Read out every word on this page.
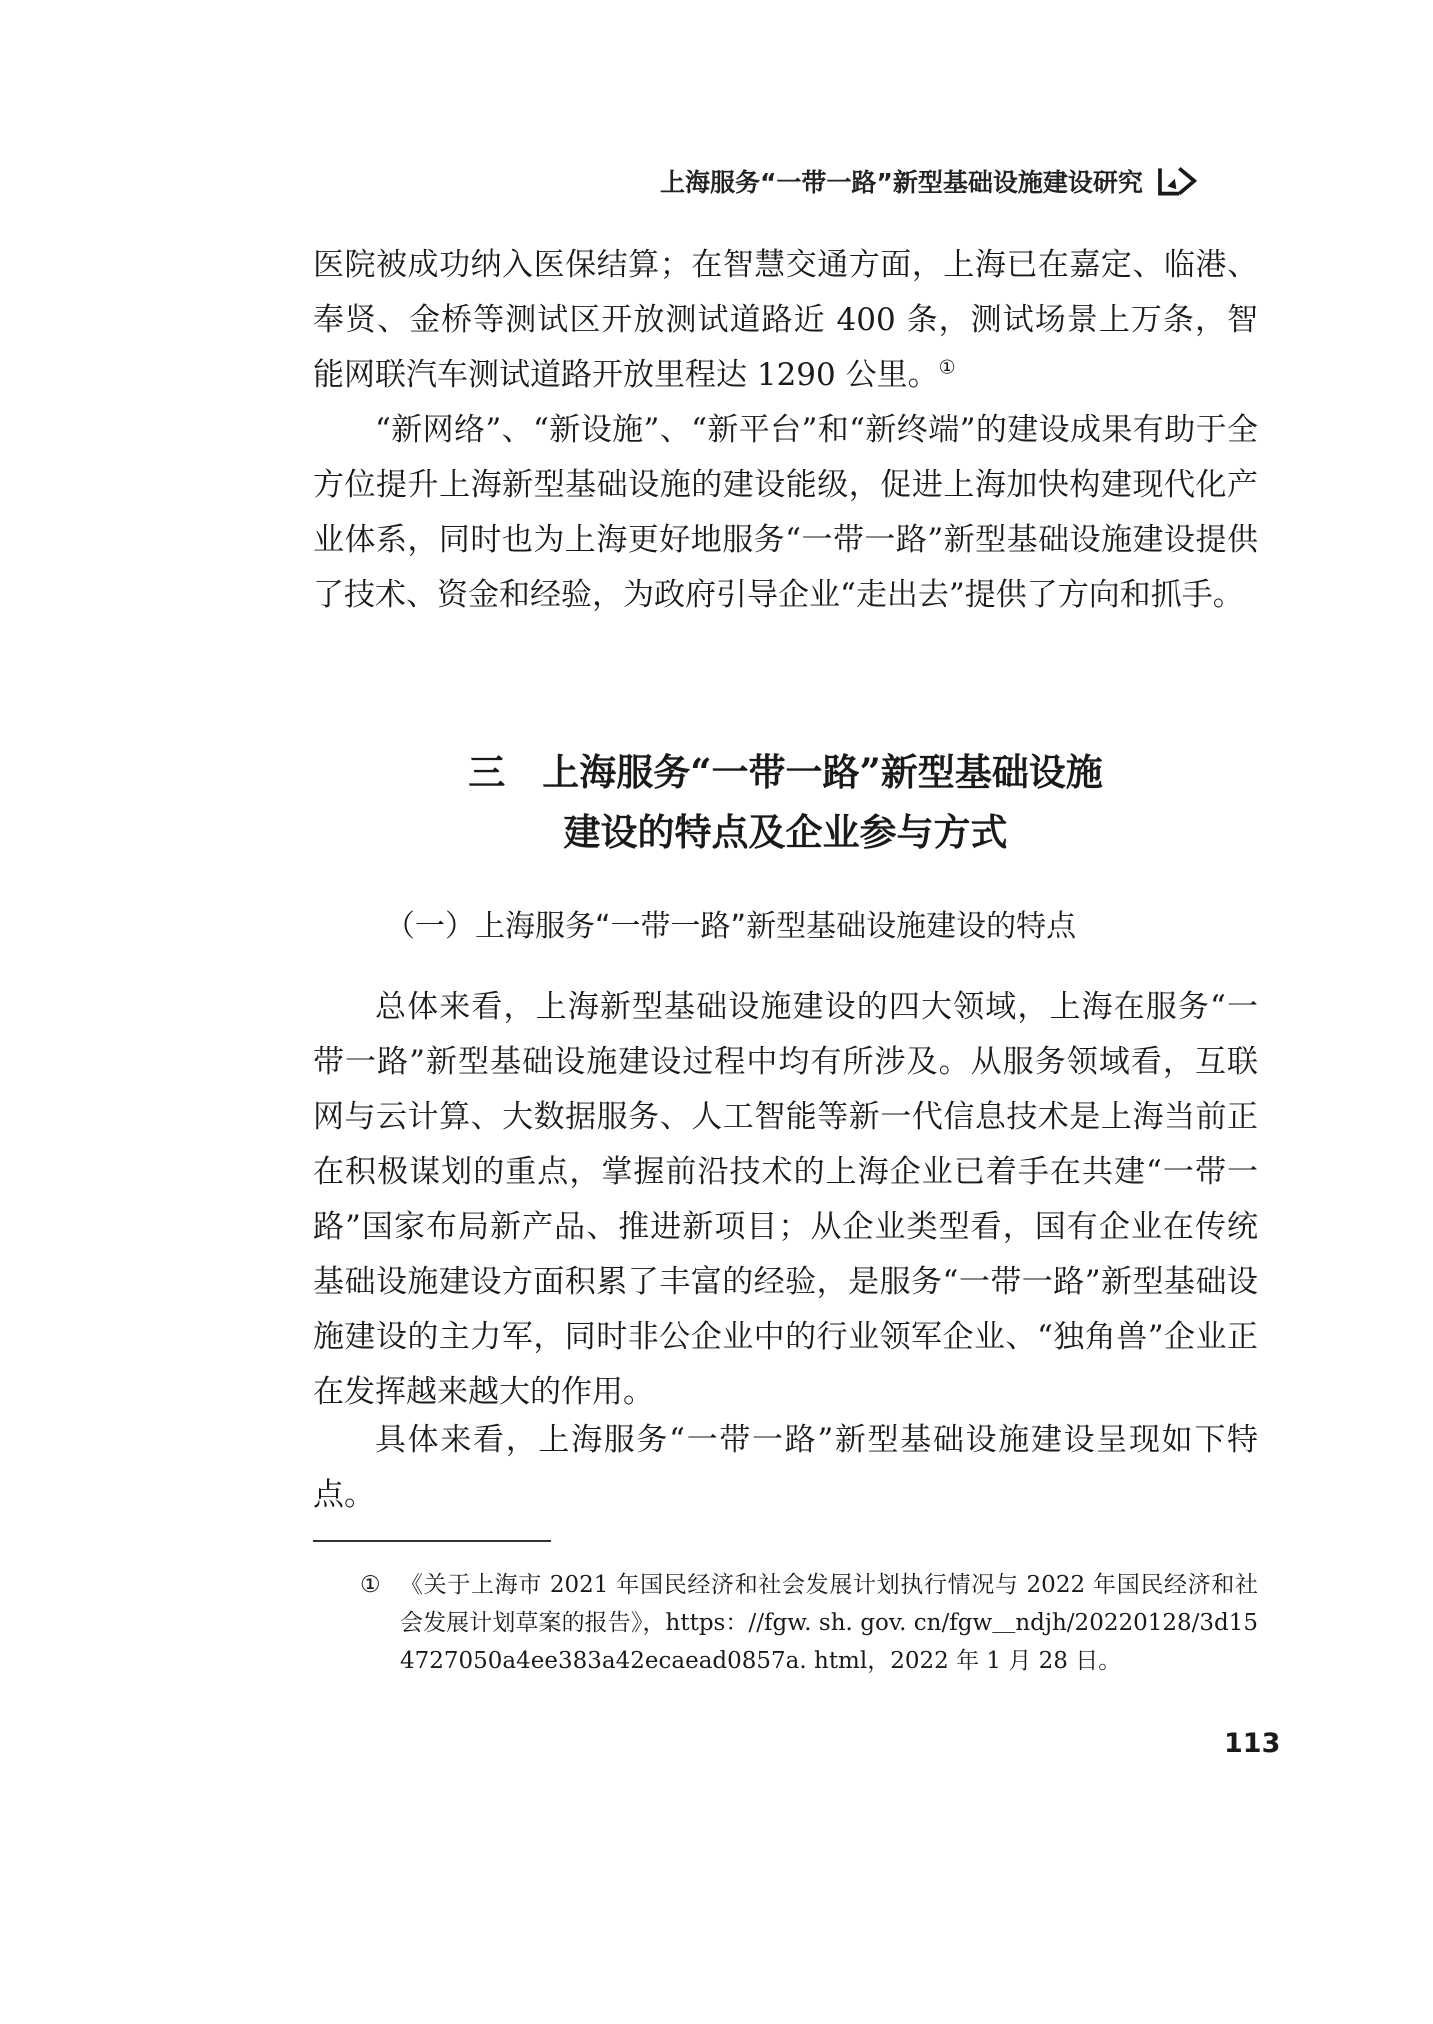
上海服务“一带一路”新型基础设施建设研究

医院被成功纳入医保结算；在智慧交通方面，上海已在嘉定、临港、奉贤、金桥等测试区开放测试道路近 400 条，测试场景上万条，智能网联汽车测试道路开放里程达 1290 公里。①

“新网络”、“新设施”、“新平台”和“新终端”的建设成果有助于全方位提升上海新型基础设施的建设能级，促进上海加快构建现代化产业体系，同时也为上海更好地服务“一带一路”新型基础设施建设提供了技术、资金和经验，为政府引导企业“走出去”提供了方向和抓手。

三　上海服务“一带一路”新型基础设施
建设的特点及企业参与方式
（一）上海服务“一带一路”新型基础设施建设的特点

总体来看，上海新型基础设施建设的四大领域，上海在服务“一带一路”新型基础设施建设过程中均有所涉及。从服务领域看，互联网与云计算、大数据服务、人工智能等新一代信息技术是上海当前正在积极谋划的重点，掌握前沿技术的上海企业已着手在共建“一带一路”国家布局新产品、推进新项目；从企业类型看，国有企业在传统基础设施建设方面积累了丰富的经验，是服务“一带一路”新型基础设施建设的主力军，同时非公企业中的行业领军企业、“独角兽”企业正在发挥越来越大的作用。

具体来看，上海服务“一带一路”新型基础设施建设呈现如下特点。

① 《关于上海市 2021 年国民经济和社会发展计划执行情况与 2022 年国民经济和社会发展计划草案的报告》，https：//fgw. sh. gov. cn/fgw＿ndjh/20220128/3d154727050a4ee383a42ecaead0857a. html，2022 年 1 月 28 日。
113
